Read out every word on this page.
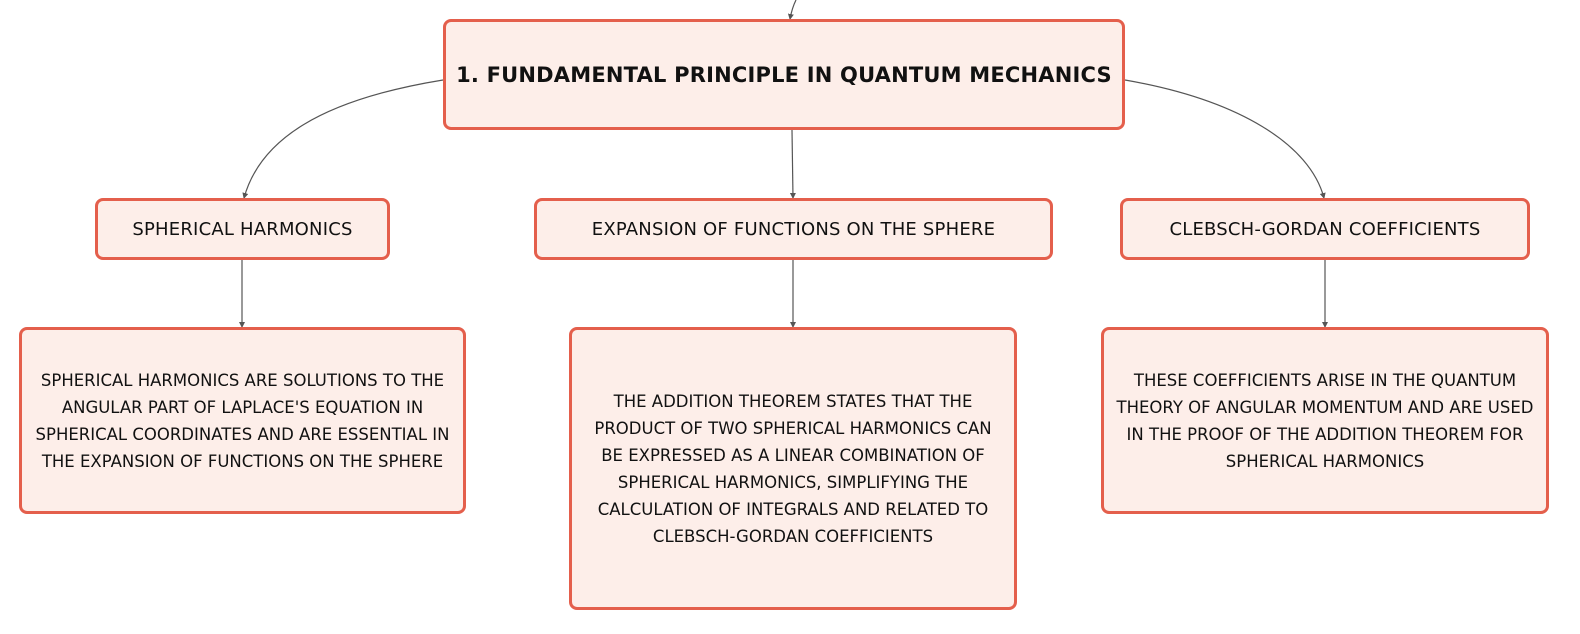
1. FUNDAMENTAL PRINCIPLE IN QUANTUM MECHANICS
SPHERICAL HARMONICS	EXPANSION OF FUNCTIONS ON THE SPHERE	CLEBSCH-GORDAN COEFFICIENTS
SPHERICAL HARMONICS ARE SOLUTIONS TO THE ANGULAR PART OF LAPLACE'S EQUATION IN SPHERICAL COORDINATES AND ARE ESSENTIAL IN THE EXPANSION OF FUNCTIONS ON THE SPHERE
THE ADDITION THEOREM STATES THAT THE PRODUCT OF TWO SPHERICAL HARMONICS CAN BE EXPRESSED AS A LINEAR COMBINATION OF SPHERICAL HARMONICS, SIMPLIFYING THE CALCULATION OF INTEGRALS AND RELATED TO CLEBSCH-GORDAN COEFFICIENTS
THESE COEFFICIENTS ARISE IN THE QUANTUM THEORY OF ANGULAR MOMENTUM AND ARE USED IN THE PROOF OF THE ADDITION THEOREM FOR SPHERICAL HARMONICS
